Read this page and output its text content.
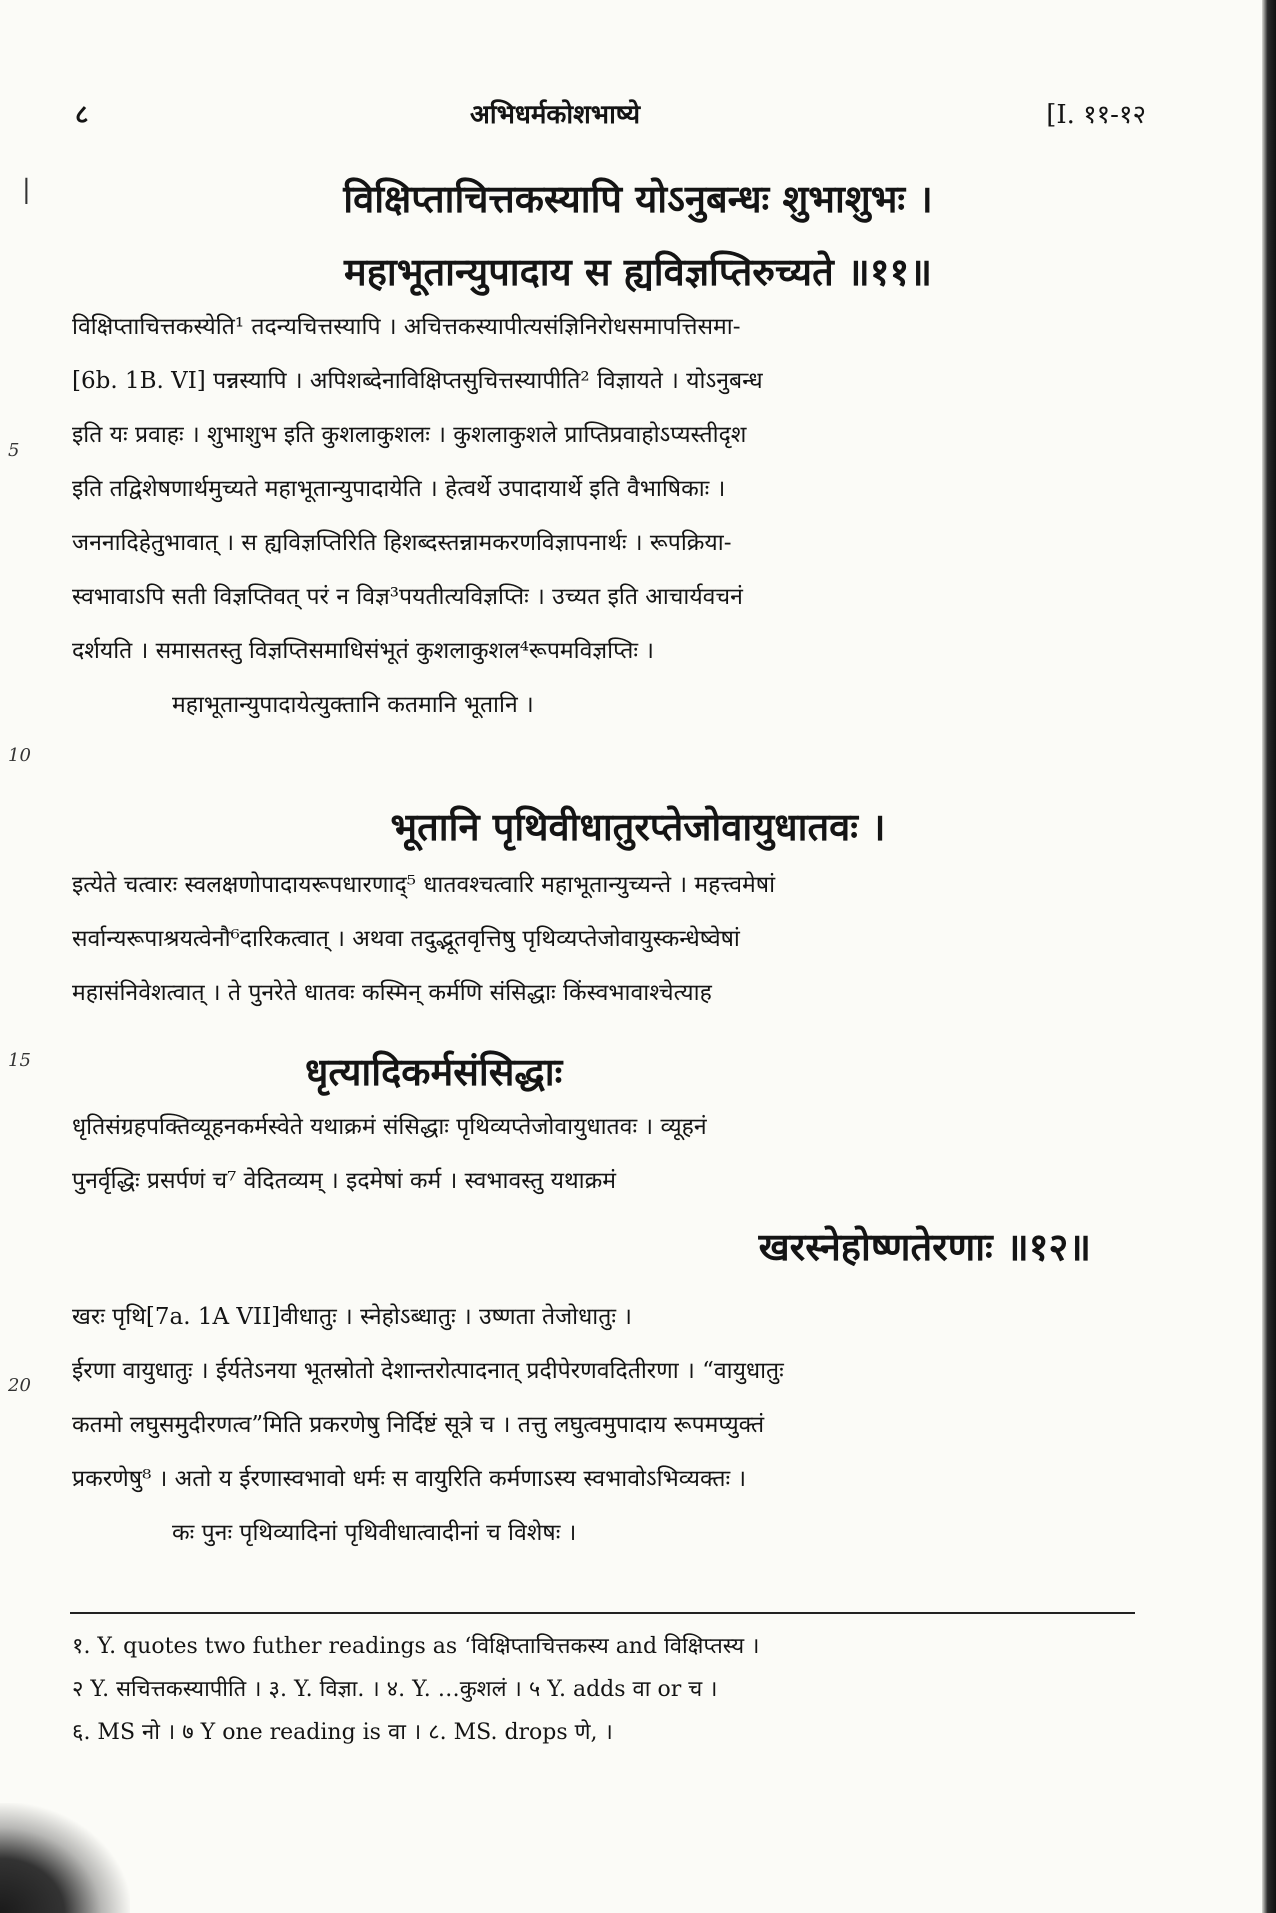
८	अभिधर्मकोशभाष्ये	[I. ११-१२
|
5
10
15
20
विक्षिप्ताचित्तकस्यापि योऽनुबन्धः शुभाशुभः ।
महाभूतान्युपादाय स ह्यविज्ञप्तिरुच्यते ॥११॥
विक्षिप्ताचित्तकस्येति¹ तदन्यचित्तस्यापि । अचित्तकस्यापीत्यसंज्ञिनिरोधसमापत्तिसमा-
[6b. 1B. VI] पन्नस्यापि । अपिशब्देनाविक्षिप्तसुचित्तस्यापीति² विज्ञायते । योऽनुबन्ध
इति यः प्रवाहः । शुभाशुभ इति कुशलाकुशलः । कुशलाकुशले प्राप्तिप्रवाहोऽप्यस्तीदृश
इति तद्विशेषणार्थमुच्यते महाभूतान्युपादायेति । हेत्वर्थे उपादायार्थे इति वैभाषिकाः ।
जननादिहेतुभावात् । स ह्यविज्ञप्तिरिति हिशब्दस्तन्नामकरणविज्ञापनार्थः । रूपक्रिया-
स्वभावाऽपि सती विज्ञप्तिवत् परं न विज्ञ³पयतीत्यविज्ञप्तिः । उच्यत इति आचार्यवचनं
दर्शयति । समासतस्तु विज्ञप्तिसमाधिसंभूतं कुशलाकुशल⁴रूपमविज्ञप्तिः ।
महाभूतान्युपादायेत्युक्तानि कतमानि भूतानि ।
भूतानि पृथिवीधातुरप्तेजोवायुधातवः ।
इत्येते चत्वारः स्वलक्षणोपादायरूपधारणाद्⁵ धातवश्चत्वारि महाभूतान्युच्यन्ते । महत्त्वमेषां
सर्वान्यरूपाश्रयत्वेनौ⁶दारिकत्वात् । अथवा तदुद्भूतवृत्तिषु पृथिव्यप्तेजोवायुस्कन्धेष्वेषां
महासंनिवेशत्वात् । ते पुनरेते धातवः कस्मिन् कर्मणि संसिद्धाः किंस्वभावाश्चेत्याह
धृत्यादिकर्मसंसिद्धाः
धृतिसंग्रहपक्तिव्यूहनकर्मस्वेते यथाक्रमं संसिद्धाः पृथिव्यप्तेजोवायुधातवः । व्यूहनं
पुनर्वृद्धिः प्रसर्पणं च⁷ वेदितव्यम् । इदमेषां कर्म । स्वभावस्तु यथाक्रमं
खरस्नेहोष्णतेरणाः ॥१२॥
खरः पृथि[7a. 1A VII]वीधातुः । स्नेहोऽब्धातुः । उष्णता तेजोधातुः ।
ईरणा वायुधातुः । ईर्यतेऽनया भूतस्रोतो देशान्तरोत्पादनात् प्रदीपेरणवदितीरणा । “वायुधातुः
कतमो लघुसमुदीरणत्व”मिति प्रकरणेषु निर्दिष्टं सूत्रे च । तत्तु लघुत्वमुपादाय रूपमप्युक्तं
प्रकरणेषु⁸ । अतो य ईरणास्वभावो धर्मः स वायुरिति कर्मणाऽस्य स्वभावोऽभिव्यक्तः ।
कः पुनः पृथिव्यादिनां पृथिवीधात्वादीनां च विशेषः ।
१. Y. quotes two futher readings as ‘विक्षिप्ताचित्तकस्य and विक्षिप्तस्य ।
२ Y. सचित्तकस्यापीति । ३. Y. विज्ञा. । ४. Y. …कुशलं । ५ Y. adds वा or च ।
६. MS नो । ७ Y one reading is वा । ८. MS. drops णे, ।
